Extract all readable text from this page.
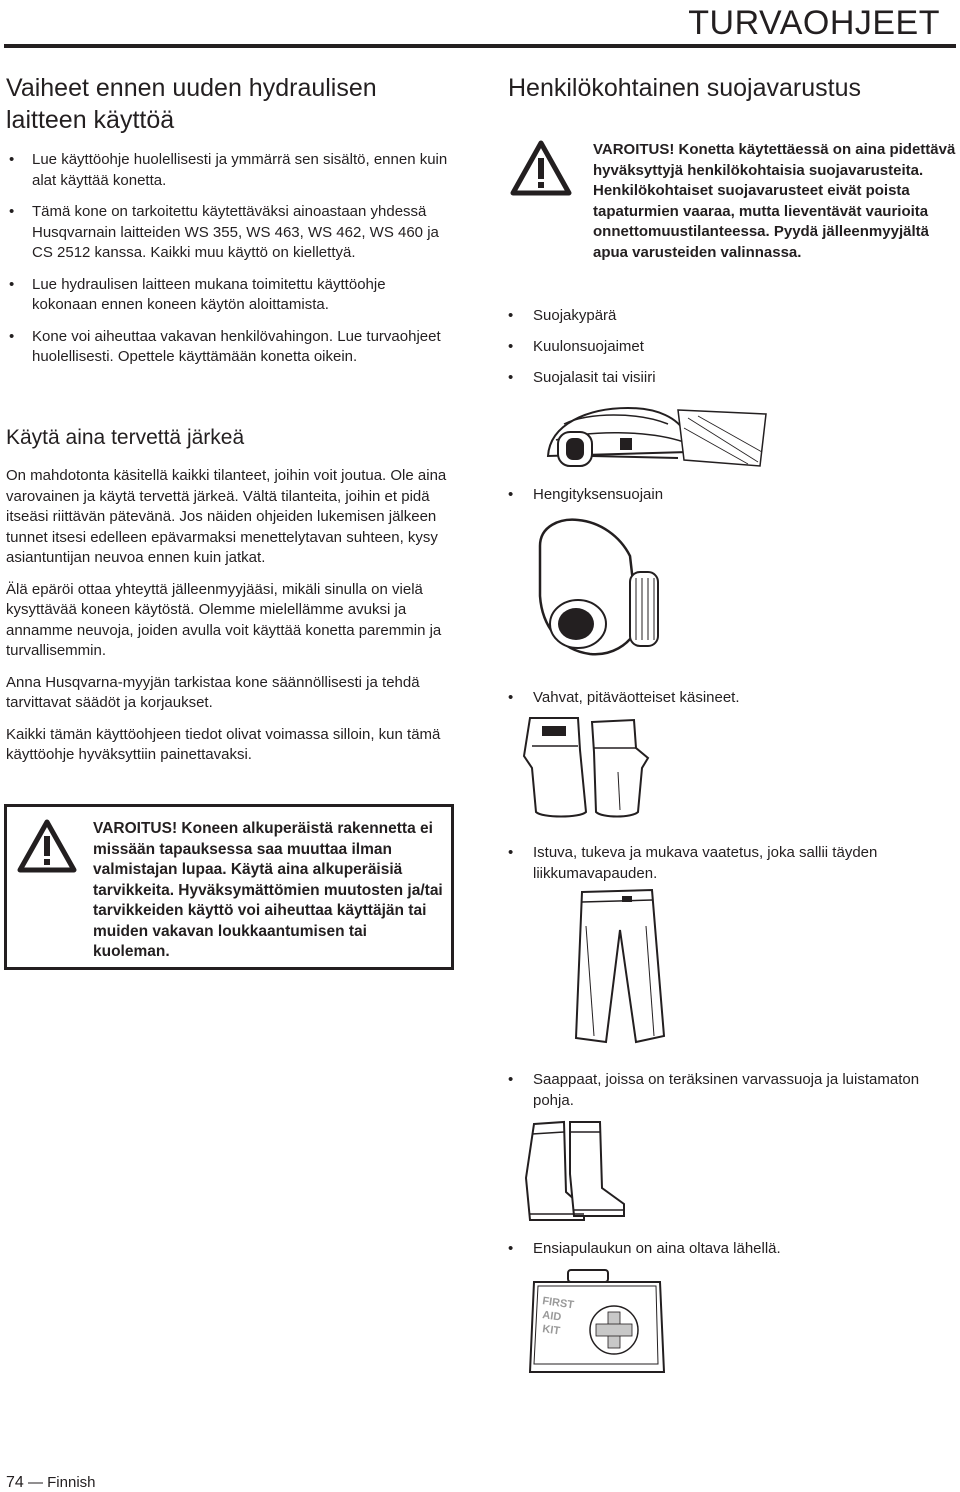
TURVAOHJEET
Vaiheet ennen uuden hydraulisen laitteen käyttöä
• Lue käyttöohje huolellisesti ja ymmärrä sen sisältö, ennen kuin alat käyttää konetta.
• Tämä kone on tarkoitettu käytettäväksi ainoastaan yhdessä Husqvarnain laitteiden WS 355, WS 463, WS 462, WS 460 ja CS 2512 kanssa. Kaikki muu käyttö on kiellettyä.
• Lue hydraulisen laitteen mukana toimitettu käyttöohje kokonaan ennen koneen käytön aloittamista.
• Kone voi aiheuttaa vakavan henkilövahingon. Lue turvaohjeet huolellisesti. Opettele käyttämään konetta oikein.
Käytä aina tervettä järkeä

On mahdotonta käsitellä kaikki tilanteet, joihin voit joutua. Ole aina varovainen ja käytä tervettä järkeä. Vältä tilanteita, joihin et pidä itseäsi riittävän pätevänä. Jos näiden ohjeiden lukemisen jälkeen tunnet itsesi edelleen epävarmaksi menettelytavan suhteen, kysy asiantuntijan neuvoa ennen kuin jatkat.

Älä epäröi ottaa yhteyttä jälleenmyyjääsi, mikäli sinulla on vielä kysyttävää koneen käytöstä. Olemme mielellämme avuksi ja annamme neuvoja, joiden avulla voit käyttää konetta paremmin ja turvallisemmin.

Anna Husqvarna-myyjän tarkistaa kone säännöllisesti ja tehdä tarvittavat säädöt ja korjaukset.

Kaikki tämän käyttöohjeen tiedot olivat voimassa silloin, kun tämä käyttöohje hyväksyttiin painettavaksi.

VAROITUS! Koneen alkuperäistä rakennetta ei missään tapauksessa saa muuttaa ilman valmistajan lupaa. Käytä aina alkuperäisiä tarvikkeita. Hyväksymättömien muutosten ja/tai tarvikkeiden käyttö voi aiheuttaa käyttäjän tai muiden vakavan loukkaantumisen tai kuoleman.
Henkilökohtainen suojavarustus
VAROITUS! Konetta käytettäessä on aina pidettävä hyväksyttyjä henkilökohtaisia suojavarusteita. Henkilökohtaiset suojavarusteet eivät poista tapaturmien vaaraa, mutta lieventävät vaurioita onnettomuustilanteessa. Pyydä jälleenmyyjältä apua varusteiden valinnassa.
•	Suojakypärä
•	Kuulonsuojaimet
•	Suojalasit tai visiiri
•	Hengityksensuojain
•	Vahvat, pitäväotteiset käsineet.
•	Istuva, tukeva ja mukava vaatetus, joka sallii täyden liikkumavapauden.
•	Saappaat, joissa on teräksinen varvassuoja ja luistamaton pohja.
•	Ensiapulaukun on aina oltava lähellä.
FIRST
AID
KIT
74 — Finnish
